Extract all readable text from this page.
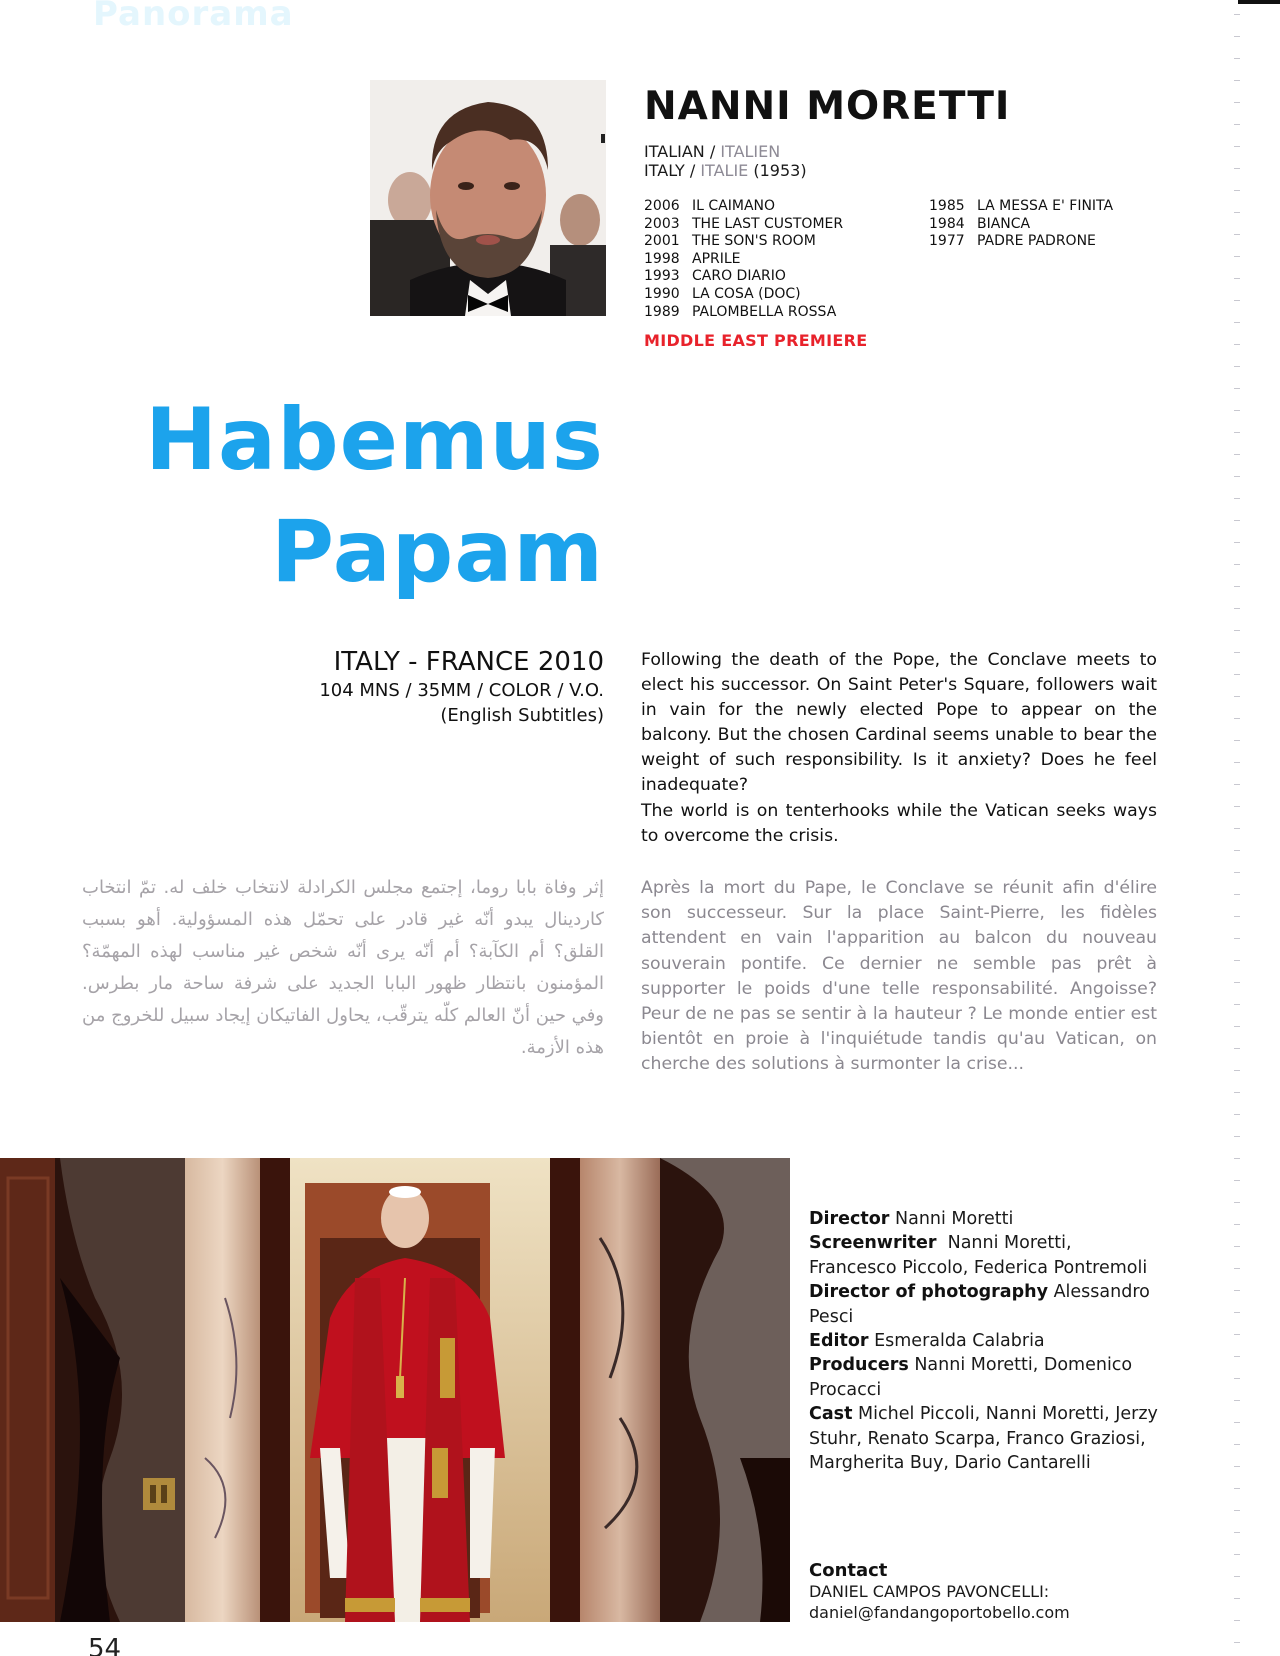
Panorama
NANNI MORETTI
ITALIAN / ITALIEN
ITALY / ITALIE (1953)
2006 IL CAIMANO
2003 THE LAST CUSTOMER
2001 THE SON'S ROOM
1998 APRILE
1993 CARO DIARIO
1990 LA COSA (DOC)
1989 PALOMBELLA ROSSA
1985 LA MESSA E' FINITA
1984 BIANCA
1977 PADRE PADRONE
MIDDLE EAST PREMIERE
Habemus
Papam
ITALY - FRANCE 2010
104 MNS / 35MM / COLOR / V.O.
(English Subtitles)
Following the death of the Pope, the Conclave meets to elect his successor. On Saint Peter's Square, followers wait in vain for the newly elected Pope to appear on the balcony. But the chosen Cardinal seems unable to bear the weight of such responsibility. Is it anxiety? Does he feel inadequate?
The world is on tenterhooks while the Vatican seeks ways to overcome the crisis.
إثر وفاة بابا روما، إجتمع مجلس الكرادلة لانتخاب خلف له. تمّ انتخاب كاردينال يبدو أنّه غير قادر على تحمّل هذه المسؤولية. أهو بسبب القلق؟ أم الكآبة؟ أم أنّه يرى أنّه شخص غير مناسب لهذه المهمّة؟ المؤمنون بانتظار ظهور البابا الجديد على شرفة ساحة مار بطرس. وفي حين أنّ العالم كلّه يترقّب، يحاول الفاتيكان إيجاد سبيل للخروج من هذه الأزمة.
Après la mort du Pape, le Conclave se réunit afin d'élire son successeur. Sur la place Saint-Pierre, les fidèles attendent en vain l'apparition au balcon du nouveau souverain pontife. Ce dernier ne semble pas prêt à supporter le poids d'une telle responsabilité. Angoisse? Peur de ne pas se sentir à la hauteur ? Le monde entier est bientôt en proie à l'inquiétude tandis qu'au Vatican, on cherche des solutions à surmonter la crise...
Director Nanni Moretti
Screenwriter Nanni Moretti, Francesco Piccolo, Federica Pontremoli
Director of photography Alessandro Pesci
Editor Esmeralda Calabria
Producers Nanni Moretti, Domenico Procacci
Cast Michel Piccoli, Nanni Moretti, Jerzy Stuhr, Renato Scarpa, Franco Graziosi, Margherita Buy, Dario Cantarelli
Contact
DANIEL CAMPOS PAVONCELLI:
daniel@fandangoportobello.com
54
